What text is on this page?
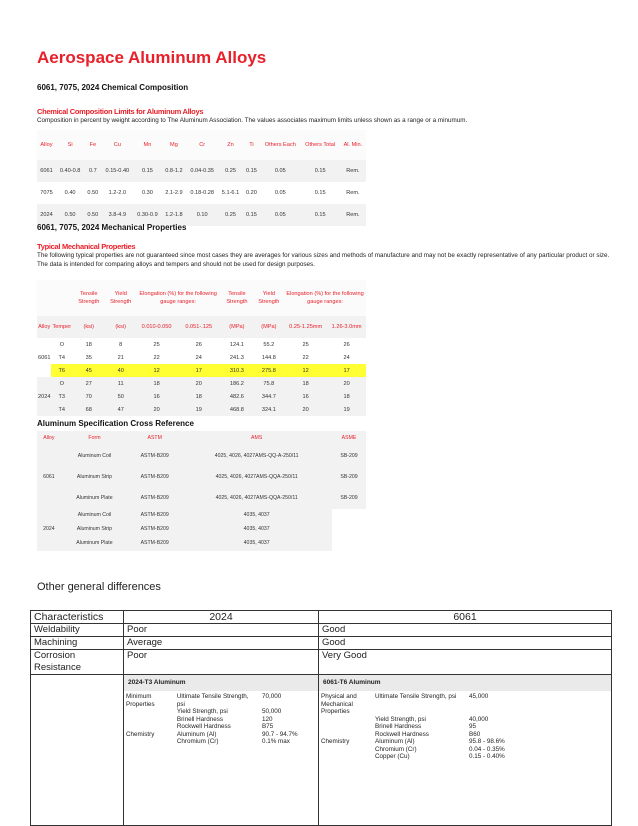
Aerospace Aluminum Alloys
6061, 7075, 2024 Chemical Composition
Chemical Composition Limits for Aluminum Alloys
Composition in percent by weight according to The Aluminum Association. The values associates maximum limits unless shown as a range or a minumum.
Alloy	Si	Fe	Cu	Mn	Mg	Cr	Zn	Ti	Others Each	Others Total	Al. Min.
6061	0.40-0.8	0.7	0.15-0.40	0.15	0.8-1.2	0.04-0.35	0.25	0.15	0.05	0.15	Rem.
7075	0.40	0.50	1.2-2.0	0.30	2.1-2.9	0.18-0.28	5.1-6.1	0.20	0.05	0.15	Rem.
2024	0.50	0.50	3.8-4.9	0.30-0.9	1.2-1.8	0.10	0.25	0.15	0.05	0.15	Rem.
6061, 7075, 2024 Mechanical Properties
Typical Mechanical Properties
The following typical properties are not guaranteed since most cases they are averages for various sizes and methods of manufacture and may not be exactly representative of any particular product or size. The data is intended for comparing alloys and tempers and should not be used for design purposes.
		Tensile Strength	Yield Strength	Elongation (%) for the following gauge ranges:		Tensile Strength	Yield Strength	Elongation (%) for the following gauge ranges:	
Alloy	Temper	(ksi)	(ksi)	0.010-0.050	0.051-.125	(MPa)	(MPa)	0.25-1.25mm	1.26-3.0mm
6061	O	18	8	25	26	124.1	55.2	25	26
	T4	35	21	22	24	241.3	144.8	22	24
	T6	45	40	12	17	310.3	275.8	12	17
2024	O	27	11	18	20	186.2	75.8	18	20
	T3	70	50	16	18	482.6	344.7	16	18
	T4	68	47	20	19	468.8	324.1	20	19
Aluminum Specification Cross Reference
Alloy	Form	ASTM	AMS	ASME
6061	Aluminum Coil	ASTM-B209	4025, 4026, 4027AMS-QQ-A-250/11	SB-209
	Aluminum Strip	ASTM-B209	4025, 4026, 4027AMS-QQA-250/11	SB-209
	Aluminum Plate	ASTM-B209	4025, 4026, 4027AMS-QQA-250/11	SB-209
2024	Aluminum Coil	ASTM-B209	4035, 4037	
	Aluminum Strip	ASTM-B209	4035, 4037	
	Aluminum Plate	ASTM-B209	4035, 4037	
Other general differences
Characteristics	2024	6061
Weldability	Poor	Good
Machining	Average	Good
Corrosion Resistance	Poor	Very Good

2024-T3 Aluminum
Minimum Properties	Ultimate Tensile Strength, psi	70,000
	Yield Strength, psi	50,000
	Brinell Hardness	120
	Rockwell Hardness	B75
Chemistry	Aluminum (Al)	90.7 - 94.7%
	Chromium (Cr)	0.1% max

6061-T6 Aluminum
Physical and Mechanical Properties	Ultimate Tensile Strength, psi	45,000
	Yield Strength, psi	40,000
	Brinell Hardness	95
	Rockwell Hardness	B60
Chemistry	Aluminum (Al)	95.8 - 98.6%
	Chromium (Cr)	0.04 - 0.35%
	Copper (Cu)	0.15 - 0.40%
